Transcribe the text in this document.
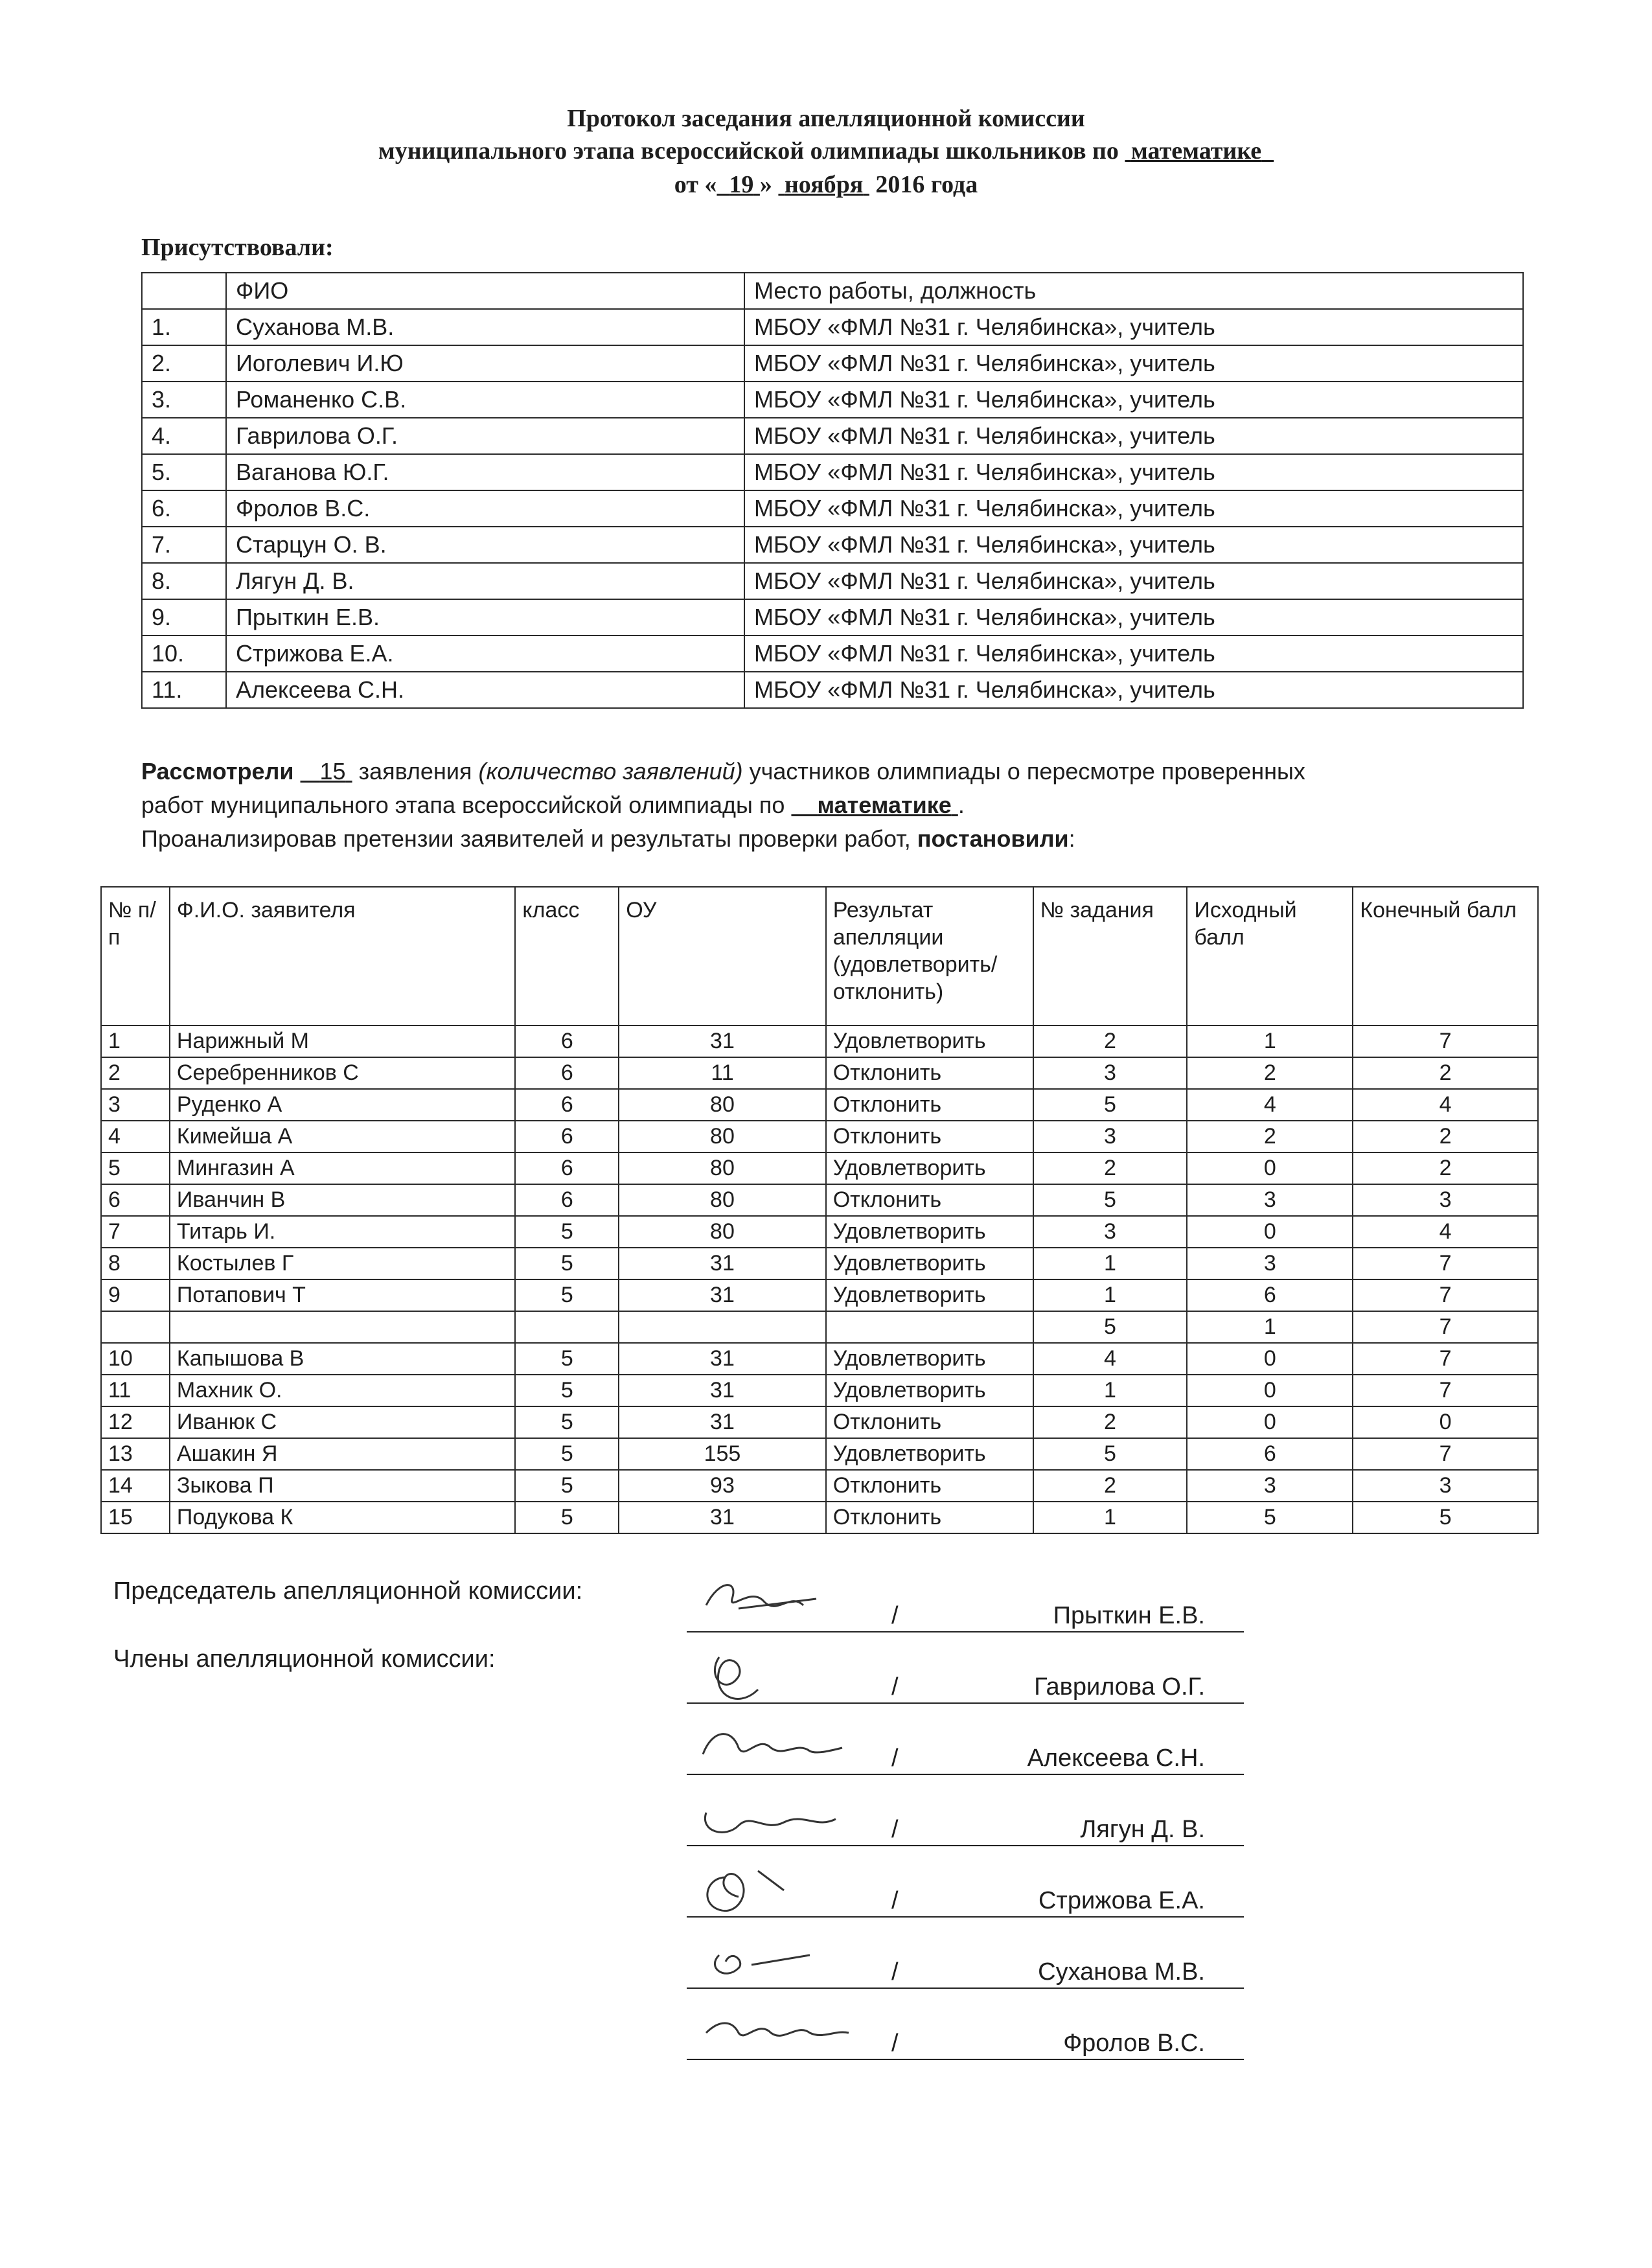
Протокол заседания апелляционной комиссии
муниципального этапа всероссийской олимпиады школьников по математике
от « 19 » ноября 2016 года
Присутствовали:
	ФИО	Место работы, должность
1.	Суханова М.В.	МБОУ «ФМЛ №31 г. Челябинска», учитель
2.	Иоголевич И.Ю	МБОУ «ФМЛ №31 г. Челябинска», учитель
3.	Романенко С.В.	МБОУ «ФМЛ №31 г. Челябинска», учитель
4.	Гаврилова О.Г.	МБОУ «ФМЛ №31 г. Челябинска», учитель
5.	Ваганова Ю.Г.	МБОУ «ФМЛ №31 г. Челябинска», учитель
6.	Фролов В.С.	МБОУ «ФМЛ №31 г. Челябинска», учитель
7.	Старцун О. В.	МБОУ «ФМЛ №31 г. Челябинска», учитель
8.	Лягун Д. В.	МБОУ «ФМЛ №31 г. Челябинска», учитель
9.	Прыткин Е.В.	МБОУ «ФМЛ №31 г. Челябинска», учитель
10.	Стрижова Е.А.	МБОУ «ФМЛ №31 г. Челябинска», учитель
11.	Алексеева С.Н.	МБОУ «ФМЛ №31 г. Челябинска», учитель
Рассмотрели 15 заявления (количество заявлений) участников олимпиады о пересмотре проверенных
работ муниципального этапа всероссийской олимпиады по математике .
Проанализировав претензии заявителей и результаты проверки работ, постановили:
№ п/п	Ф.И.О. заявителя	класс	ОУ	Результат апелляции (удовлетворить/ отклонить)	№ задания	Исходный балл	Конечный балл
1	Нарижный М	6	31	Удовлетворить	2	1	7
2	Серебренников С	6	11	Отклонить	3	2	2
3	Руденко А	6	80	Отклонить	5	4	4
4	Кимейша А	6	80	Отклонить	3	2	2
5	Мингазин А	6	80	Удовлетворить	2	0	2
6	Иванчин В	6	80	Отклонить	5	3	3
7	Титарь И.	5	80	Удовлетворить	3	0	4
8	Костылев Г	5	31	Удовлетворить	1	3	7
9	Потапович Т	5	31	Удовлетворить	1	6	7
					5	1	7
10	Капышова В	5	31	Удовлетворить	4	0	7
11	Махник О.	5	31	Удовлетворить	1	0	7
12	Иванюк С	5	31	Отклонить	2	0	0
13	Ашакин Я	5	155	Удовлетворить	5	6	7
14	Зыкова П	5	93	Отклонить	2	3	3
15	Подукова К	5	31	Отклонить	1	5	5
Председатель апелляционной комиссии:
Члены апелляционной комиссии:
/	Прыткин Е.В.
/	Гаврилова О.Г.
/	Алексеева С.Н.
/	Лягун Д. В.
/	Стрижова Е.А.
/	Суханова М.В.
/	Фролов В.С.
